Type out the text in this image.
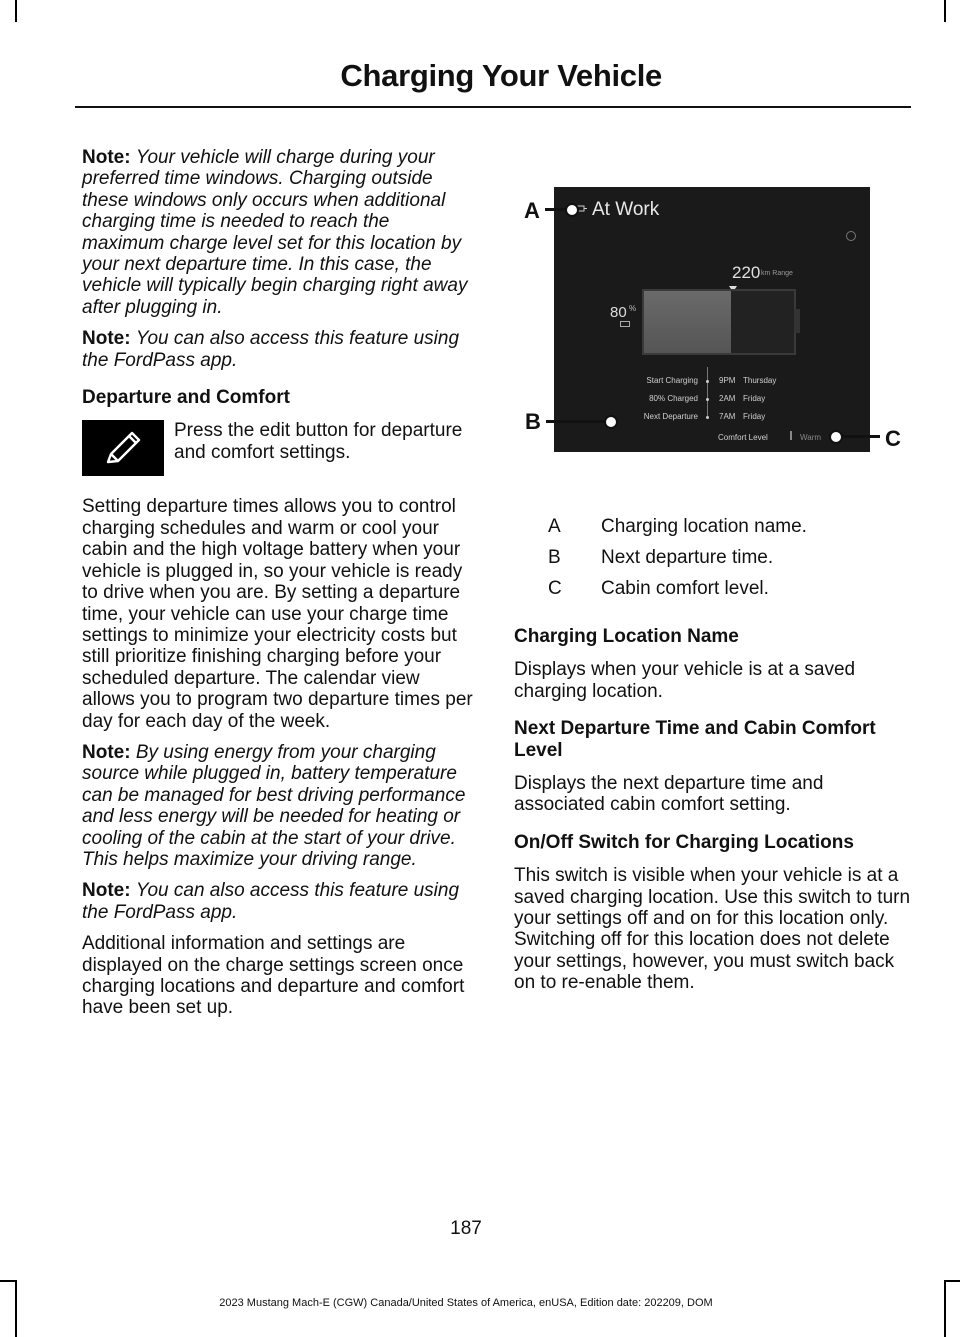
Charging Your Vehicle

Note: Your vehicle will charge during your preferred time windows. Charging outside these windows only occurs when additional charging time is needed to reach the maximum charge level set for this location by your next departure time. In this case, the vehicle will typically begin charging right away after plugging in.

Note: You can also access this feature using the FordPass app.

Departure and Comfort
Press the edit button for departure and comfort settings.

Setting departure times allows you to control charging schedules and warm or cool your cabin and the high voltage battery when your vehicle is plugged in, so your vehicle is ready to drive when you are. By setting a departure time, your vehicle can use your charge time settings to minimize your electricity costs but still prioritize finishing charging before your scheduled departure. The calendar view allows you to program two departure times per day for each day of the week.

Note: By using energy from your charging source while plugged in, battery temperature can be managed for best driving performance and less energy will be needed for heating or cooling of the cabin at the start of your drive. This helps maximize your driving range.

Note: You can also access this feature using the FordPass app.

Additional information and settings are displayed on the charge settings screen once charging locations and departure and comfort have been set up.

At Work
220 km Range
80 %
Start Charging	9PM Thursday
80% Charged	2AM Friday
Next Departure	7AM Friday
Comfort Level	Warm
A
B
C
A Charging location name.
B Next departure time.
C Cabin comfort level.
Charging Location Name

Displays when your vehicle is at a saved charging location.

Next Departure Time and Cabin Comfort Level

Displays the next departure time and associated cabin comfort setting.

On/Off Switch for Charging Locations

This switch is visible when your vehicle is at a saved charging location. Use this switch to turn your settings off and on for this location only. Switching off for this location does not delete your settings, however, you must switch back on to re-enable them.

187
2023 Mustang Mach-E (CGW) Canada/United States of America, enUSA, Edition date: 202209, DOM
